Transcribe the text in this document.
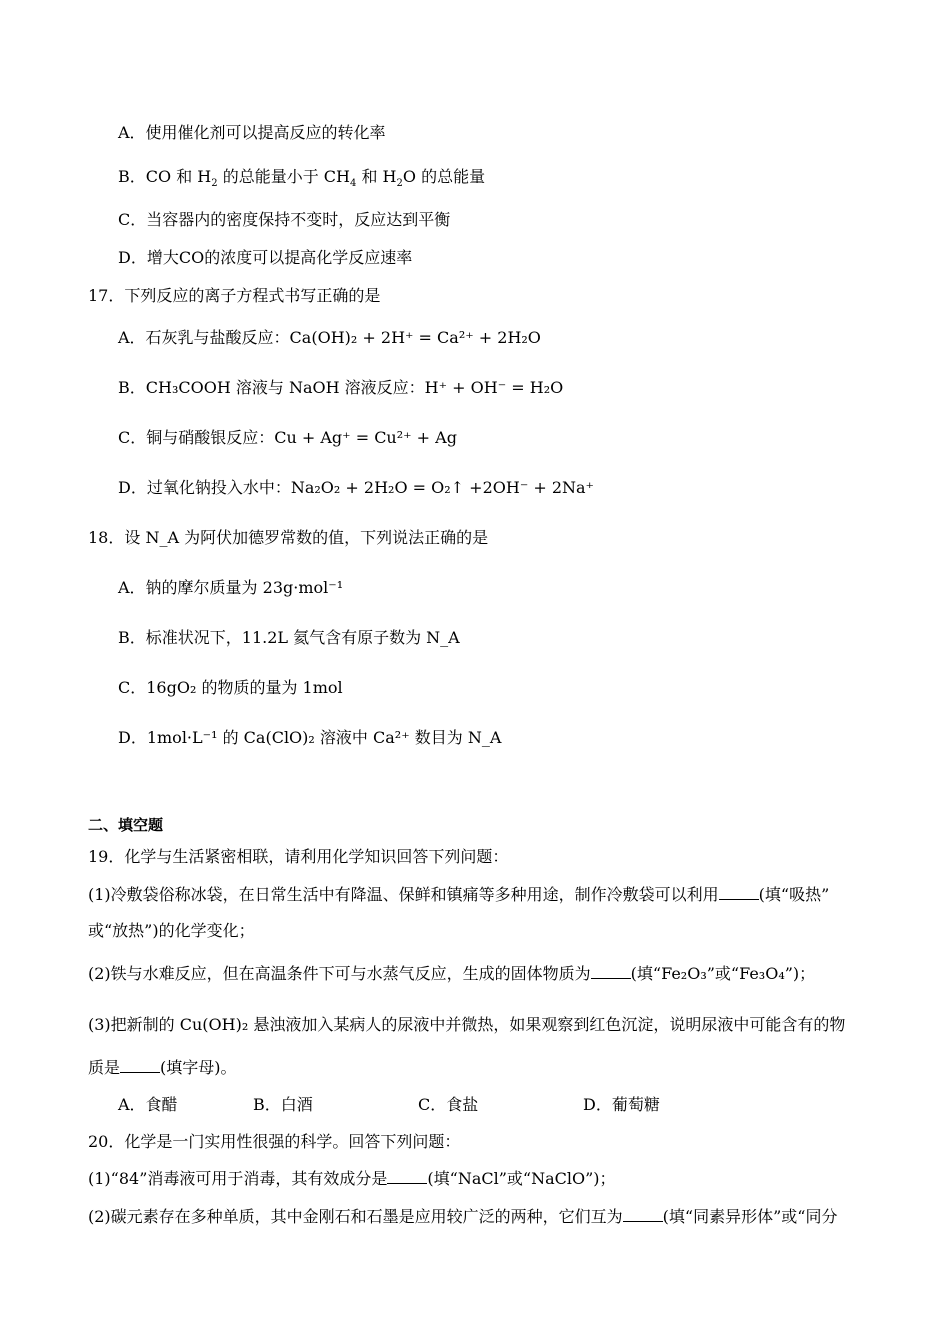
A．使用催化剂可以提高反应的转化率
B．CO 和 $H_2$ 的总能量小于 $CH_4$ 和 $H_2O$ 的总能量
C．当容器内的密度保持不变时，反应达到平衡
D．增大CO的浓度可以提高化学反应速率
17．下列反应的离子方程式书写正确的是
A．石灰乳与盐酸反应：Ca(OH)₂ + 2H⁺ = Ca²⁺ + 2H₂O
B．CH₃COOH 溶液与 NaOH 溶液反应：H⁺ + OH⁻ = H₂O
C．铜与硝酸银反应：Cu + Ag⁺ = Cu²⁺ + Ag
D．过氧化钠投入水中：Na₂O₂ + 2H₂O = O₂↑ +2OH⁻ + 2Na⁺
18．设 N_A 为阿伏加德罗常数的值，下列说法正确的是
A．钠的摩尔质量为 23g·mol⁻¹
B．标准状况下，11.2L 氦气含有原子数为 N_A
C．16gO₂ 的物质的量为 1mol
D．1mol·L⁻¹ 的 Ca(ClO)₂ 溶液中 Ca²⁺ 数目为 N_A
二、填空题
19．化学与生活紧密相联，请利用化学知识回答下列问题：
(1)冷敷袋俗称冰袋，在日常生活中有降温、保鲜和镇痛等多种用途，制作冷敷袋可以利用	(填“吸热”
或“放热”)的化学变化；
(2)铁与水难反应，但在高温条件下可与水蒸气反应，生成的固体物质为	(填“Fe₂O₃”或“Fe₃O₄”)；
(3)把新制的 Cu(OH)₂ 悬浊液加入某病人的尿液中并微热，如果观察到红色沉淀，说明尿液中可能含有的物
质是	(填字母)。
A．食醋	B．白酒	C．食盐	D．葡萄糖
20．化学是一门实用性很强的科学。回答下列问题：
(1)“84”消毒液可用于消毒，其有效成分是	(填“NaCl”或“NaClO”)；
(2)碳元素存在多种单质，其中金刚石和石墨是应用较广泛的两种，它们互为	(填“同素异形体”或“同分
